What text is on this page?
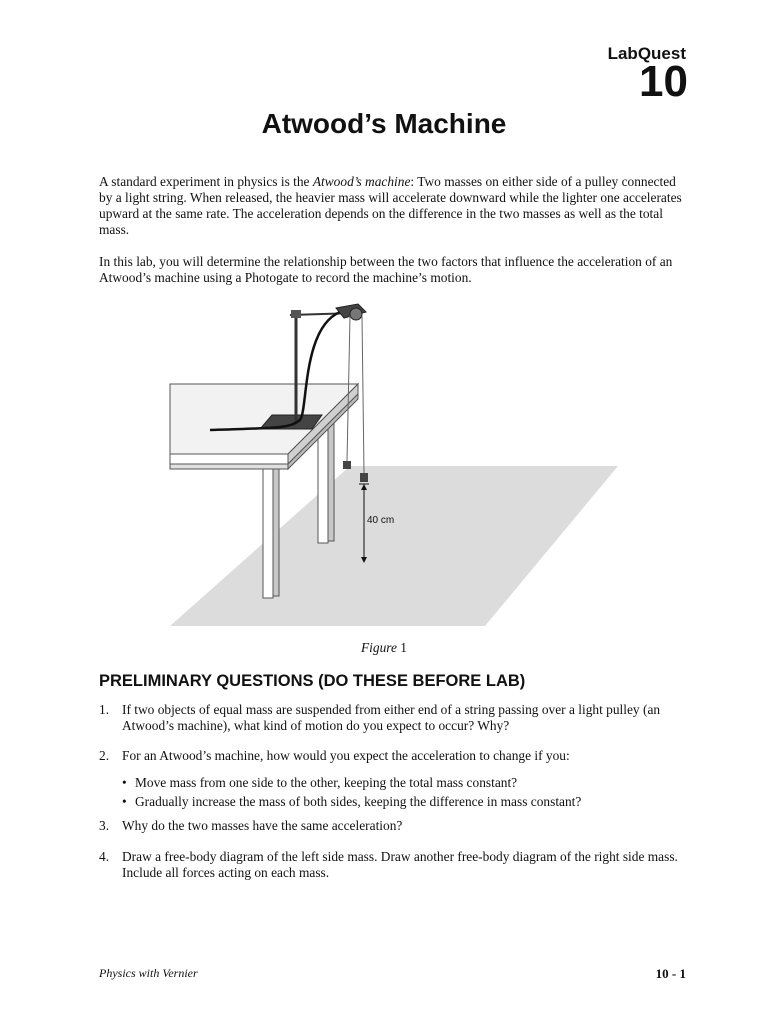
LabQuest
10
Atwood’s Machine
A standard experiment in physics is the Atwood’s machine: Two masses on either side of a pulley connected by a light string. When released, the heavier mass will accelerate downward while the lighter one accelerates upward at the same rate. The acceleration depends on the difference in the two masses as well as the total mass.
In this lab, you will determine the relationship between the two factors that influence the acceleration of an Atwood’s machine using a Photogate to record the machine’s motion.
40 cm
Figure 1
PRELIMINARY QUESTIONS (DO THESE BEFORE LAB)
1. If two objects of equal mass are suspended from either end of a string passing over a light pulley (an Atwood’s machine), what kind of motion do you expect to occur? Why?
2. For an Atwood’s machine, how would you expect the acceleration to change if you:
• Move mass from one side to the other, keeping the total mass constant?
• Gradually increase the mass of both sides, keeping the difference in mass constant?
3. Why do the two masses have the same acceleration?
4. Draw a free-body diagram of the left side mass. Draw another free-body diagram of the right side mass. Include all forces acting on each mass.
Physics with Vernier	10 - 1
